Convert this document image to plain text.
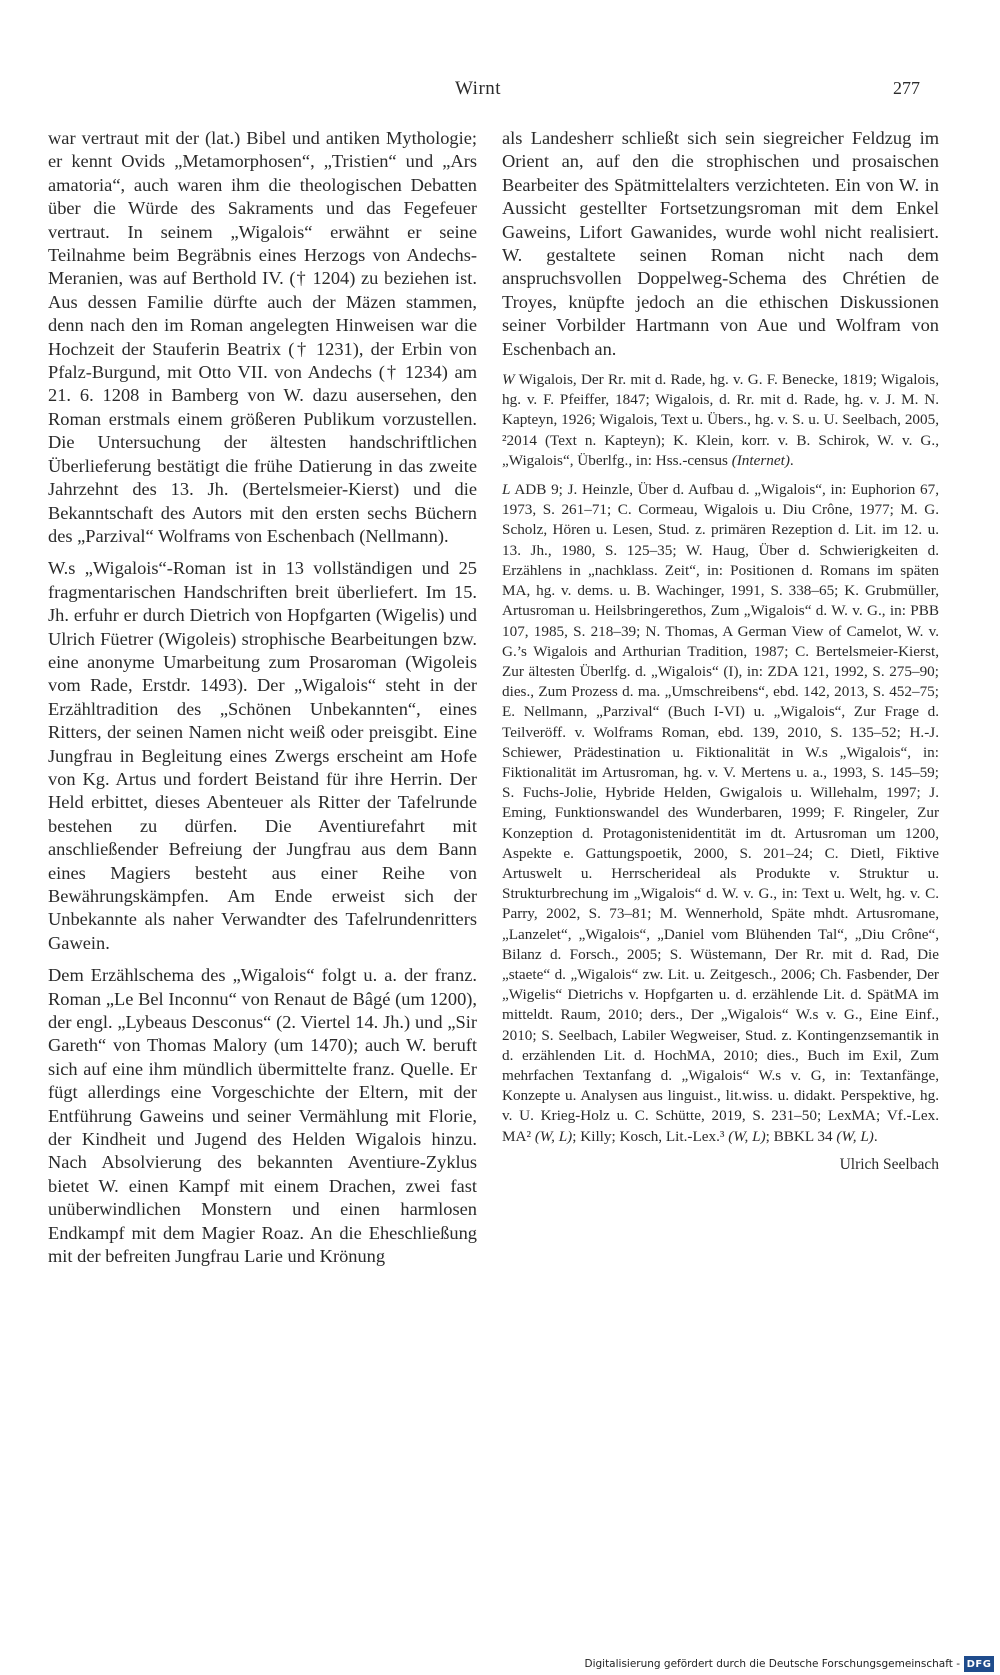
Wirnt	277

war vertraut mit der (lat.) Bibel und antiken Mythologie; er kennt Ovids „Metamorphosen“, „Tristien“ und „Ars amatoria“, auch waren ihm die theologischen Debatten über die Würde des Sakraments und das Fegefeuer vertraut. In seinem „Wigalois“ erwähnt er seine Teilnahme beim Begräbnis eines Herzogs von Andechs-Meranien, was auf Berthold IV. († 1204) zu beziehen ist. Aus dessen Familie dürfte auch der Mäzen stammen, denn nach den im Roman angelegten Hinweisen war die Hochzeit der Stauferin Beatrix († 1231), der Erbin von Pfalz-Burgund, mit Otto VII. von Andechs († 1234) am 21. 6. 1208 in Bamberg von W. dazu ausersehen, den Roman erstmals einem größeren Publikum vorzustellen. Die Untersuchung der ältesten handschriftlichen Überlieferung bestätigt die frühe Datierung in das zweite Jahrzehnt des 13. Jh. (Bertelsmeier-Kierst) und die Bekanntschaft des Autors mit den ersten sechs Büchern des „Parzival“ Wolframs von Eschenbach (Nellmann).

W.s „Wigalois“-Roman ist in 13 vollständigen und 25 fragmentarischen Handschriften breit überliefert. Im 15. Jh. erfuhr er durch Dietrich von Hopfgarten (Wigelis) und Ulrich Füetrer (Wigoleis) strophische Bearbeitungen bzw. eine anonyme Umarbeitung zum Prosaroman (Wigoleis vom Rade, Erstdr. 1493). Der „Wigalois“ steht in der Erzähltradition des „Schönen Unbekannten“, eines Ritters, der seinen Namen nicht weiß oder preisgibt. Eine Jungfrau in Begleitung eines Zwergs erscheint am Hofe von Kg. Artus und fordert Beistand für ihre Herrin. Der Held erbittet, dieses Abenteuer als Ritter der Tafelrunde bestehen zu dürfen. Die Aventiurefahrt mit anschließender Befreiung der Jungfrau aus dem Bann eines Magiers besteht aus einer Reihe von Bewährungskämpfen. Am Ende erweist sich der Unbekannte als naher Verwandter des Tafelrundenritters Gawein.

Dem Erzählschema des „Wigalois“ folgt u. a. der franz. Roman „Le Bel Inconnu“ von Renaut de Bâgé (um 1200), der engl. „Lybeaus Desconus“ (2. Viertel 14. Jh.) und „Sir Gareth“ von Thomas Malory (um 1470); auch W. beruft sich auf eine ihm mündlich übermittelte franz. Quelle. Er fügt allerdings eine Vorgeschichte der Eltern, mit der Entführung Gaweins und seiner Vermählung mit Florie, der Kindheit und Jugend des Helden Wigalois hinzu. Nach Absolvierung des bekannten Aventiure-Zyklus bietet W. einen Kampf mit einem Drachen, zwei fast unüberwindlichen Monstern und einen harmlosen Endkampf mit dem Magier Roaz. An die Eheschließung mit der befreiten Jungfrau Larie und Krönung

als Landesherr schließt sich sein siegreicher Feldzug im Orient an, auf den die strophischen und prosaischen Bearbeiter des Spätmittelalters verzichteten. Ein von W. in Aussicht gestellter Fortsetzungsroman mit dem Enkel Gaweins, Lifort Gawanides, wurde wohl nicht realisiert. W. gestaltete seinen Roman nicht nach dem anspruchsvollen Doppelweg-Schema des Chrétien de Troyes, knüpfte jedoch an die ethischen Diskussionen seiner Vorbilder Hartmann von Aue und Wolfram von Eschenbach an.

W Wigalois, Der Rr. mit d. Rade, hg. v. G. F. Benecke, 1819; Wigalois, hg. v. F. Pfeiffer, 1847; Wigalois, d. Rr. mit d. Rade, hg. v. J. M. N. Kapteyn, 1926; Wigalois, Text u. Übers., hg. v. S. u. U. Seelbach, 2005, ²2014 (Text n. Kapteyn); K. Klein, korr. v. B. Schirok, W. v. G., „Wigalois“, Überlfg., in: Hss.-census (Internet).

L ADB 9; J. Heinzle, Über d. Aufbau d. „Wigalois“, in: Euphorion 67, 1973, S. 261–71; C. Cormeau, Wigalois u. Diu Crône, 1977; M. G. Scholz, Hören u. Lesen, Stud. z. primären Rezeption d. Lit. im 12. u. 13. Jh., 1980, S. 125–35; W. Haug, Über d. Schwierigkeiten d. Erzählens in „nachklass. Zeit“, in: Positionen d. Romans im späten MA, hg. v. dems. u. B. Wachinger, 1991, S. 338–65; K. Grubmüller, Artusroman u. Heilsbringerethos, Zum „Wigalois“ d. W. v. G., in: PBB 107, 1985, S. 218–39; N. Thomas, A German View of Camelot, W. v. G.’s Wigalois and Arthurian Tradition, 1987; C. Bertelsmeier-Kierst, Zur ältesten Überlfg. d. „Wigalois“ (I), in: ZDA 121, 1992, S. 275–90; dies., Zum Prozess d. ma. „Umschreibens“, ebd. 142, 2013, S. 452–75; E. Nellmann, „Parzival“ (Buch I-VI) u. „Wigalois“, Zur Frage d. Teilveröff. v. Wolframs Roman, ebd. 139, 2010, S. 135–52; H.-J. Schiewer, Prädestination u. Fiktionalität in W.s „Wigalois“, in: Fiktionalität im Artusroman, hg. v. V. Mertens u. a., 1993, S. 145–59; S. Fuchs-Jolie, Hybride Helden, Gwigalois u. Willehalm, 1997; J. Eming, Funktionswandel des Wunderbaren, 1999; F. Ringeler, Zur Konzeption d. Protagonistenidentität im dt. Artusroman um 1200, Aspekte e. Gattungspoetik, 2000, S. 201–24; C. Dietl, Fiktive Artuswelt u. Herrscherideal als Produkte v. Struktur u. Strukturbrechung im „Wigalois“ d. W. v. G., in: Text u. Welt, hg. v. C. Parry, 2002, S. 73–81; M. Wennerhold, Späte mhdt. Artusromane, „Lanzelet“, „Wigalois“, „Daniel vom Blühenden Tal“, „Diu Crône“, Bilanz d. Forsch., 2005; S. Wüstemann, Der Rr. mit d. Rad, Die „staete“ d. „Wigalois“ zw. Lit. u. Zeitgesch., 2006; Ch. Fasbender, Der „Wigelis“ Dietrichs v. Hopfgarten u. d. erzählende Lit. d. SpätMA im mitteldt. Raum, 2010; ders., Der „Wigalois“ W.s v. G., Eine Einf., 2010; S. Seelbach, Labiler Wegweiser, Stud. z. Kontingenzsemantik in d. erzählenden Lit. d. HochMA, 2010; dies., Buch im Exil, Zum mehrfachen Textanfang d. „Wigalois“ W.s v. G, in: Textanfänge, Konzepte u. Analysen aus linguist., lit.wiss. u. didakt. Perspektive, hg. v. U. Krieg-Holz u. C. Schütte, 2019, S. 231–50; LexMA; Vf.-Lex. MA² (W, L); Killy; Kosch, Lit.-Lex.³ (W, L); BBKL 34 (W, L).

Ulrich Seelbach

Digitalisierung gefördert durch die Deutsche Forschungsgemeinschaft - DFG
